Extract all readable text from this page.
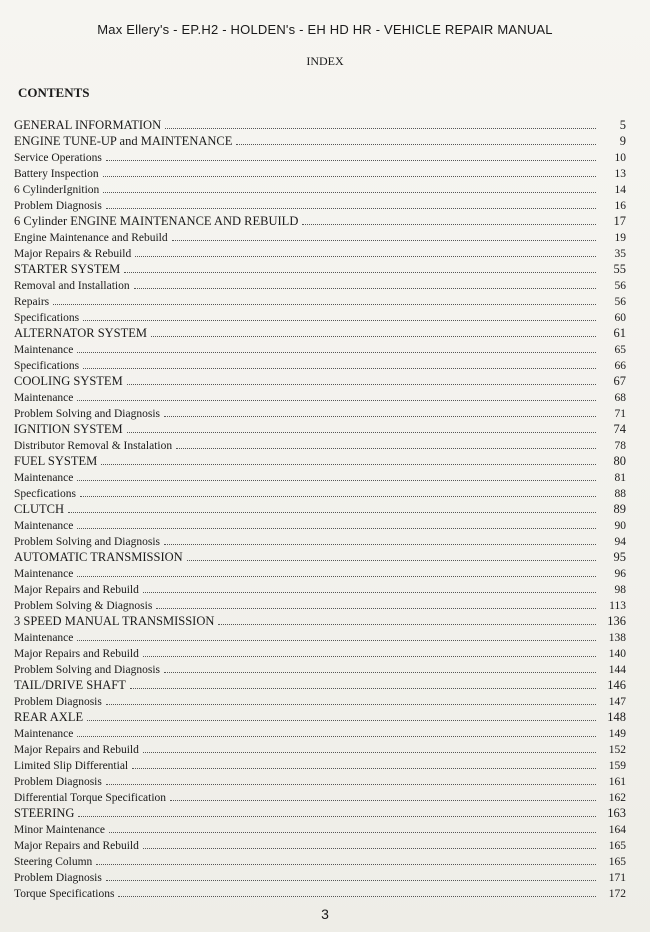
Max Ellery's - EP.H2 - HOLDEN's - EH HD HR - VEHICLE REPAIR MANUAL
INDEX
CONTENTS
GENERAL INFORMATION	5
ENGINE TUNE-UP and MAINTENANCE	9
Service Operations	10
Battery Inspection	13
6 CylinderIgnition	14
Problem Diagnosis	16
6 Cylinder ENGINE MAINTENANCE AND REBUILD	17
Engine Maintenance and Rebuild	19
Major Repairs & Rebuild	35
STARTER SYSTEM	55
Removal and Installation	56
Repairs	56
Specifications	60
ALTERNATOR SYSTEM	61
Maintenance	65
Specifications	66
COOLING SYSTEM	67
Maintenance	68
Problem Solving and Diagnosis	71
IGNITION SYSTEM	74
Distributor Removal & Instalation	78
FUEL SYSTEM	80
Maintenance	81
Specfications	88
CLUTCH	89
Maintenance	90
Problem Solving and Diagnosis	94
AUTOMATIC TRANSMISSION	95
Maintenance	96
Major Repairs and Rebuild	98
Problem Solving & Diagnosis	113
3 SPEED MANUAL TRANSMISSION	136
Maintenance	138
Major Repairs and Rebuild	140
Problem Solving and Diagnosis	144
TAIL/DRIVE SHAFT	146
Problem Diagnosis	147
REAR AXLE	148
Maintenance	149
Major Repairs and Rebuild	152
Limited Slip Differential	159
Problem Diagnosis	161
Differential Torque Specification	162
STEERING	163
Minor Maintenance	164
Major Repairs and Rebuild	165
Steering Column	165
Problem Diagnosis	171
Torque Specifications	172
3
